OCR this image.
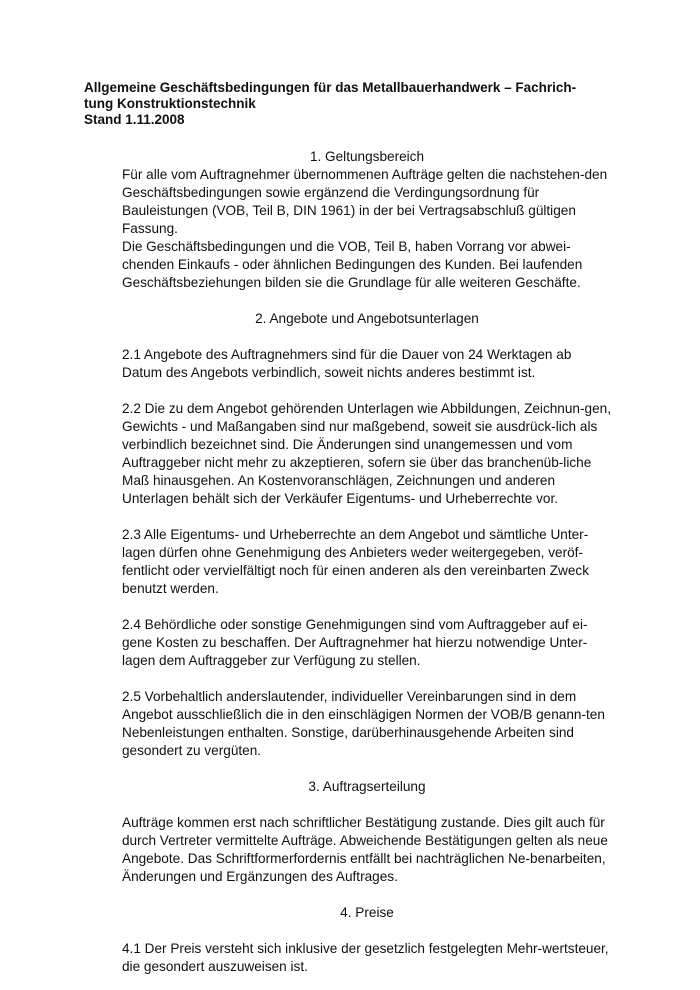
Allgemeine Geschäftsbedingungen für das Metallbauerhandwerk – Fachrich-
tung Konstruktionstechnik
Stand 1.11.2008

1. Geltungsbereich

Für alle vom Auftragnehmer übernommenen Aufträge gelten die nachstehen-den Geschäftsbedingungen sowie ergänzend die Verdingungsordnung für Bauleistungen (VOB, Teil B, DIN 1961) in der bei Vertragsabschluß gültigen Fassung.

Die Geschäftsbedingungen und die VOB, Teil B, haben Vorrang vor abwei-chenden Einkaufs - oder ähnlichen Bedingungen des Kunden. Bei laufenden Geschäftsbeziehungen bilden sie die Grundlage für alle weiteren Geschäfte.

2. Angebote und Angebotsunterlagen

2.1 Angebote des Auftragnehmers sind für die Dauer von 24 Werktagen ab Datum des Angebots verbindlich, soweit nichts anderes bestimmt ist.

2.2 Die zu dem Angebot gehörenden Unterlagen wie Abbildungen, Zeichnun-gen, Gewichts - und Maßangaben sind nur maßgebend, soweit sie ausdrück-lich als verbindlich bezeichnet sind. Die Änderungen sind unangemessen und vom Auftraggeber nicht mehr zu akzeptieren, sofern sie über das branchenüb-liche Maß hinausgehen. An Kostenvoranschlägen, Zeichnungen und anderen Unterlagen behält sich der Verkäufer Eigentums- und Urheberrechte vor.

2.3 Alle Eigentums- und Urheberrechte an dem Angebot und sämtliche Unter-lagen dürfen ohne Genehmigung des Anbieters weder weitergegeben, veröf-fentlicht oder vervielfältigt noch für einen anderen als den vereinbarten Zweck benutzt werden.

2.4 Behördliche oder sonstige Genehmigungen sind vom Auftraggeber auf ei-gene Kosten zu beschaffen. Der Auftragnehmer hat hierzu notwendige Unter-lagen dem Auftraggeber zur Verfügung zu stellen.

2.5 Vorbehaltlich anderslautender, individueller Vereinbarungen sind in dem Angebot ausschließlich die in den einschlägigen Normen der VOB/B genann-ten Nebenleistungen enthalten. Sonstige, darüberhinausgehende Arbeiten sind gesondert zu vergüten.

3. Auftragserteilung

Aufträge kommen erst nach schriftlicher Bestätigung zustande. Dies gilt auch für durch Vertreter vermittelte Aufträge. Abweichende Bestätigungen gelten als neue Angebote. Das Schriftformerfordernis entfällt bei nachträglichen Ne-benarbeiten, Änderungen und Ergänzungen des Auftrages.

4. Preise

4.1 Der Preis versteht sich inklusive der gesetzlich festgelegten Mehr-wertsteuer, die gesondert auszuweisen ist.
